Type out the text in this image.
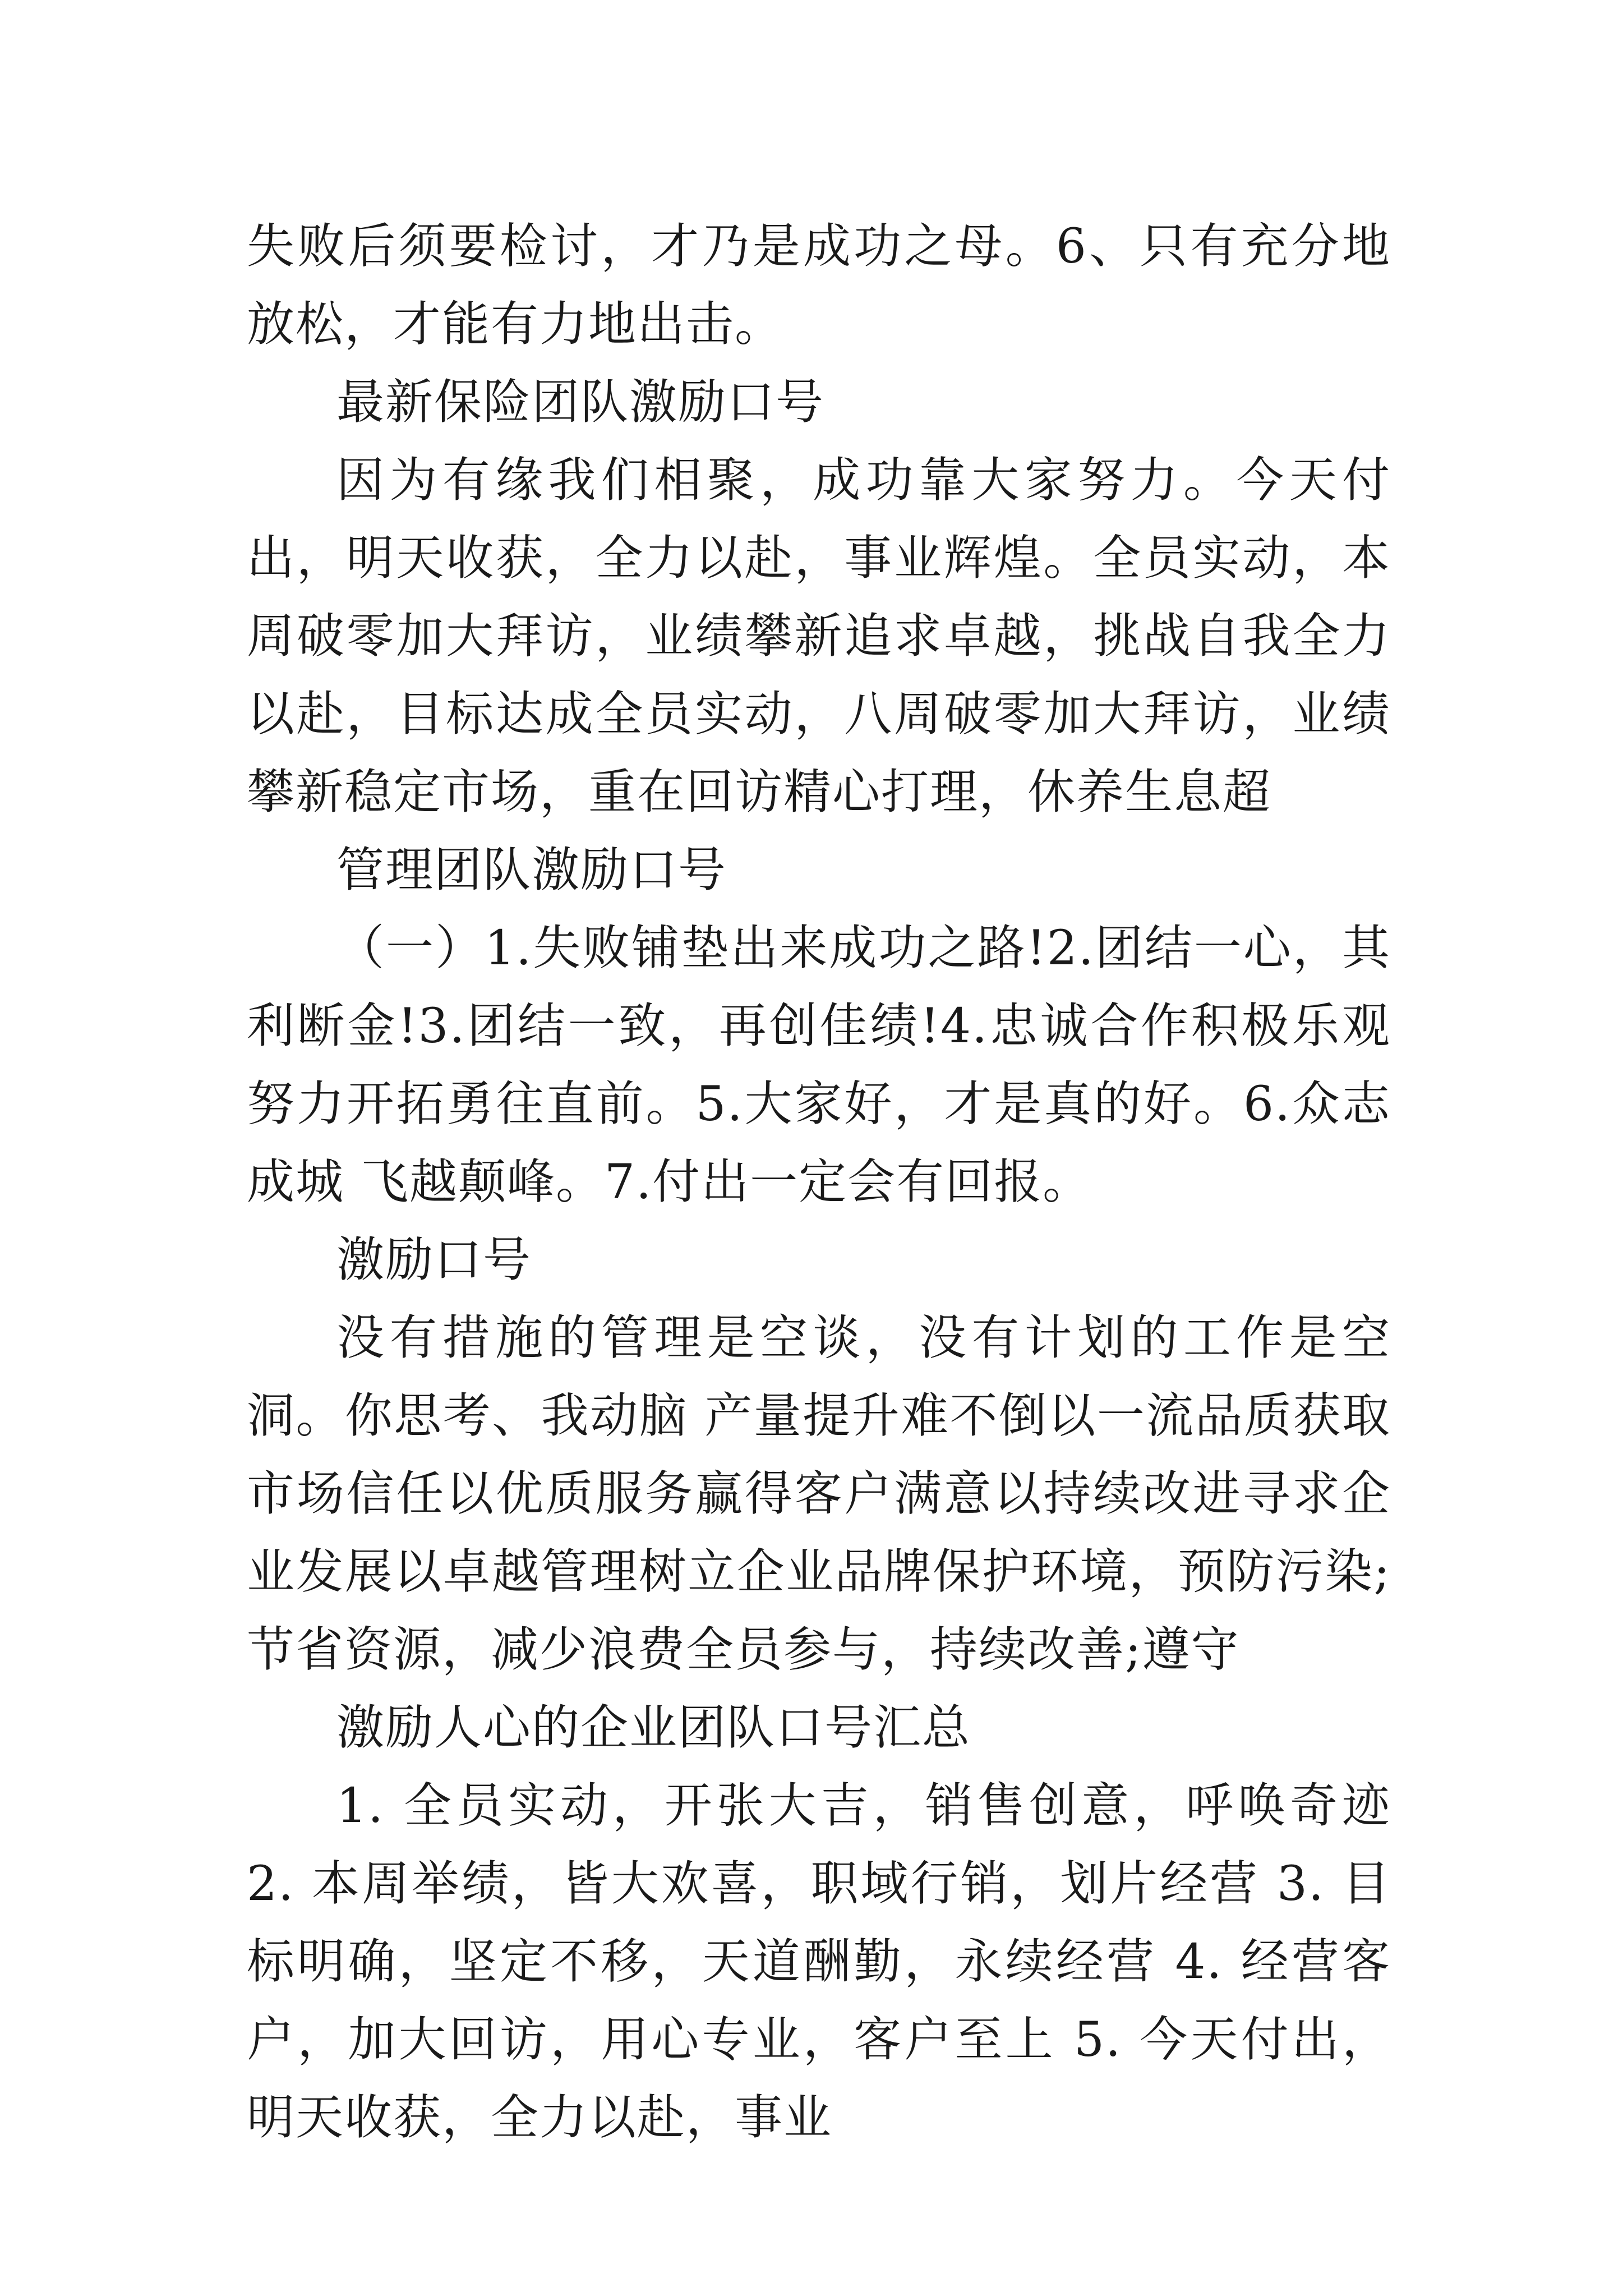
失败后须要检讨，才乃是成功之母。6、只有充分地放松，才能有力地出击。

最新保险团队激励口号

因为有缘我们相聚，成功靠大家努力。今天付出，明天收获，全力以赴，事业辉煌。全员实动，本周破零加大拜访，业绩攀新追求卓越，挑战自我全力以赴，目标达成全员实动，八周破零加大拜访，业绩攀新稳定市场，重在回访精心打理，休养生息超

管理团队激励口号

（一）1.失败铺垫出来成功之路!2.团结一心，其利断金!3.团结一致，再创佳绩!4.忠诚合作积极乐观努力开拓勇往直前。5.大家好，才是真的好。6.众志成城 飞越颠峰。7.付出一定会有回报。

激励口号

没有措施的管理是空谈，没有计划的工作是空洞。你思考、我动脑 产量提升难不倒以一流品质获取市场信任以优质服务赢得客户满意以持续改进寻求企业发展以卓越管理树立企业品牌保护环境，预防污染;节省资源，减少浪费全员参与，持续改善;遵守

激励人心的企业团队口号汇总

1. 全员实动，开张大吉，销售创意，呼唤奇迹 2. 本周举绩，皆大欢喜，职域行销，划片经营 3. 目标明确，坚定不移，天道酬勤，永续经营 4. 经营客户，加大回访，用心专业，客户至上 5. 今天付出，明天收获，全力以赴，事业
